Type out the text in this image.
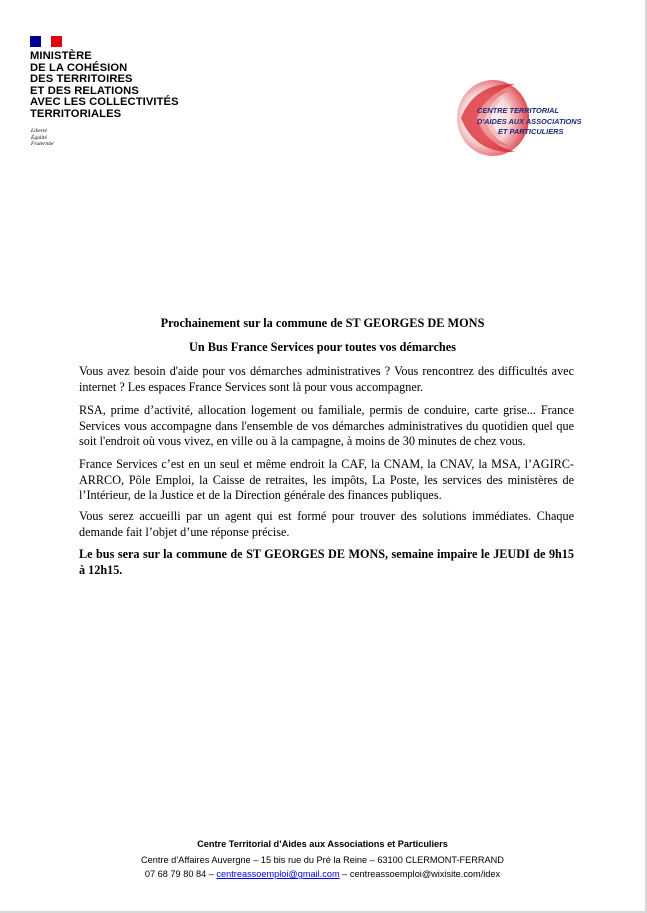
MINISTÈRE
DE LA COHÉSION
DES TERRITOIRES
ET DES RELATIONS
AVEC LES COLLECTIVITÉS
TERRITORIALES
Liberté
Égalité
Fraternité
CENTRE TERRITORIAL
D'AIDES AUX ASSOCIATIONS
ET PARTICULIERS
Prochainement sur la commune de ST GEORGES DE MONS
Un Bus France Services pour toutes vos démarches

Vous avez besoin d'aide pour vos démarches administratives ? Vous rencontrez des difficultés avec internet ? Les espaces France Services sont là pour vous accompagner.

RSA, prime d’activité, allocation logement ou familiale, permis de conduire, carte grise... France Services vous accompagne dans l'ensemble de vos démarches administratives du quotidien quel que soit l'endroit où vous vivez, en ville ou à la campagne, à moins de 30 minutes de chez vous.

France Services c’est en un seul et même endroit la CAF, la CNAM, la CNAV, la MSA, l’AGIRC-ARRCO, Pôle Emploi, la Caisse de retraites, les impôts, La Poste, les services des ministères de l’Intérieur, de la Justice et de la Direction générale des finances publiques.

Vous serez accueilli par un agent qui est formé pour trouver des solutions immédiates. Chaque demande fait l’objet d’une réponse précise.

Le bus sera sur la commune de ST GEORGES DE MONS, semaine impaire le JEUDI de 9h15 à 12h15.

Centre Territorial d’Aides aux Associations et Particuliers
Centre d’Affaires Auvergne – 15 bis rue du Pré la Reine – 63100 CLERMONT-FERRAND
07 68 79 80 84 – centreassoemploi@gmail.com – centreassoemploi@wixisite.com/idex
